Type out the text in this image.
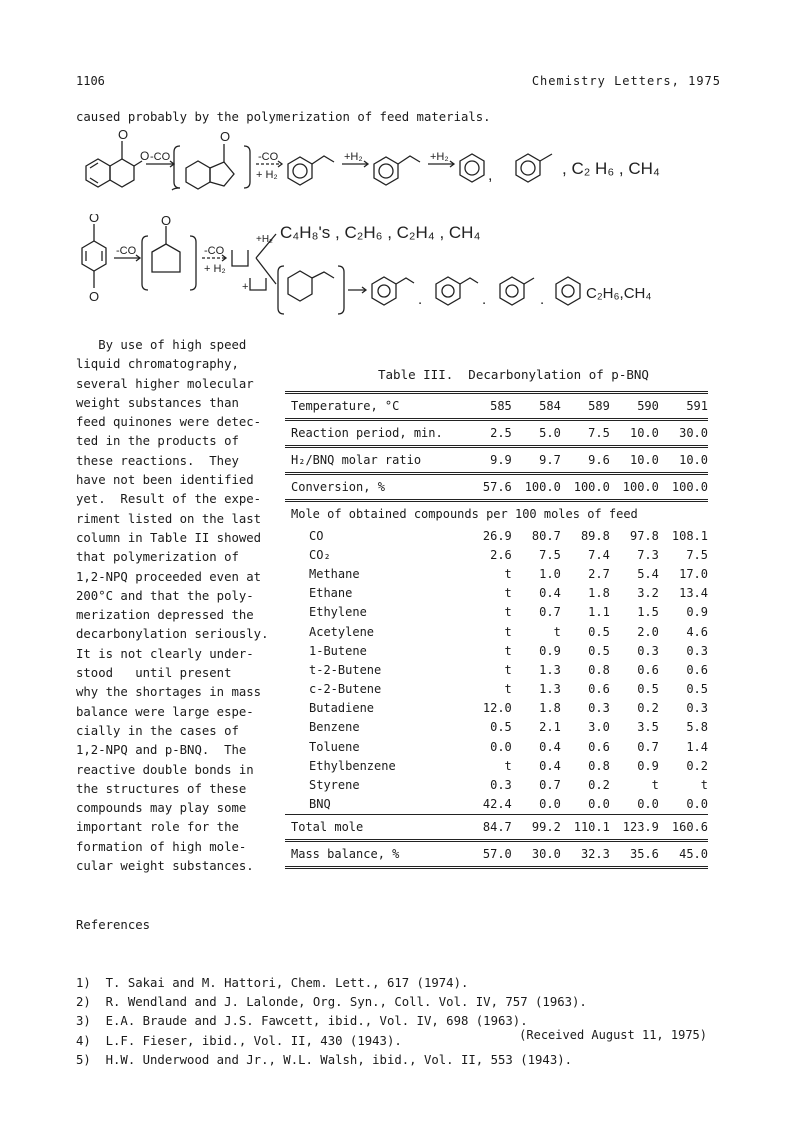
1106	Chemistry Letters, 1975
caused probably by the polymerization of feed materials.
O	O
O -CO	-CO
+ H₂
+H₂	+H₂
,	, C₂ H₆ , CH₄
O
O
O
-CO	-CO
+ H₂
+H₂
+
C₄H₈'s , C₂H₆ , C₂H₄ , CH₄
.	.	.	C₂H₆,CH₄

By use of high speed

liquid chromatography,

several higher molecular

weight substances than

feed quinones were detec-

ted in the products of

these reactions.  They

have not been identified

yet.  Result of the expe-

riment listed on the last

column in Table II showed

that polymerization of

1,2-NPQ proceeded even at

200°C and that the poly-

merization depressed the

decarbonylation seriously.

It is not clearly under-

stood   until present

why the shortages in mass

balance were large espe-

cially in the cases of

1,2-NPQ and p-BNQ.  The

reactive double bonds in

the structures of these

compounds may play some

important role for the

formation of high mole-

cular weight substances.

Table III.  Decarbonylation of p-BNQ
Temperature, °C	585	584	589	590	591
Reaction period, min.	2.5	5.0	7.5	10.0	30.0
H₂/BNQ molar ratio	9.9	9.7	9.6	10.0	10.0
Conversion, %	57.6	100.0	100.0	100.0	100.0
Mole of obtained compounds per 100 moles of feed					
CO	26.9	80.7	89.8	97.8	108.1
CO₂	2.6	7.5	7.4	7.3	7.5
Methane	t	1.0	2.7	5.4	17.0
Ethane	t	0.4	1.8	3.2	13.4
Ethylene	t	0.7	1.1	1.5	0.9
Acetylene	t	t	0.5	2.0	4.6
1-Butene	t	0.9	0.5	0.3	0.3
t-2-Butene	t	1.3	0.8	0.6	0.6
c-2-Butene	t	1.3	0.6	0.5	0.5
Butadiene	12.0	1.8	0.3	0.2	0.3
Benzene	0.5	2.1	3.0	3.5	5.8
Toluene	0.0	0.4	0.6	0.7	1.4
Ethylbenzene	t	0.4	0.8	0.9	0.2
Styrene	0.3	0.7	0.2	t	t
BNQ	42.4	0.0	0.0	0.0	0.0
Total mole	84.7	99.2	110.1	123.9	160.6
Mass balance, %	57.0	30.0	32.3	35.6	45.0

References

1)  T. Sakai and M. Hattori, Chem. Lett., 617 (1974).
2)  R. Wendland and J. Lalonde, Org. Syn., Coll. Vol. IV, 757 (1963).
3)  E.A. Braude and J.S. Fawcett, ibid., Vol. IV, 698 (1963).
4)  L.F. Fieser, ibid., Vol. II, 430 (1943).
5)  H.W. Underwood and Jr., W.L. Walsh, ibid., Vol. II, 553 (1943).

(Received August 11, 1975)
